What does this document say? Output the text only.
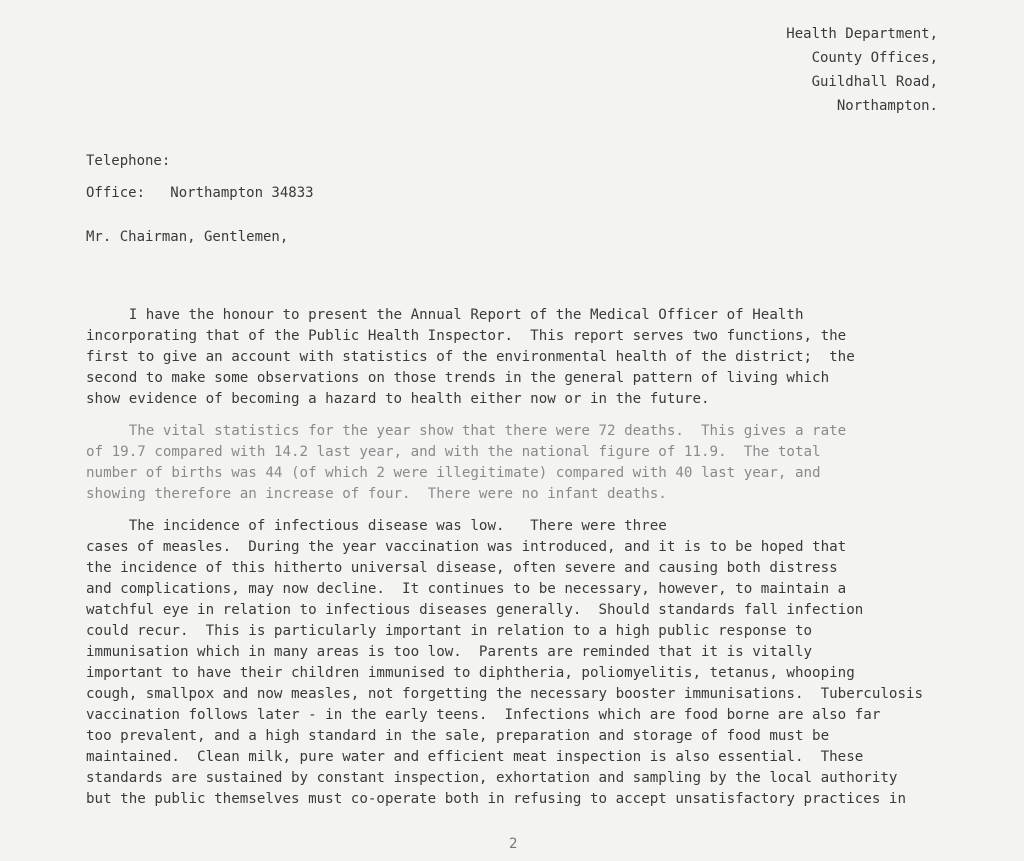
Health Department,
County Offices,
Guildhall Road,
Northampton.
Telephone:
Office:   Northampton 34833
Mr. Chairman, Gentlemen,
I have the honour to present the Annual Report of the Medical Officer of Health
incorporating that of the Public Health Inspector.  This report serves two functions, the
first to give an account with statistics of the environmental health of the district;  the
second to make some observations on those trends in the general pattern of living which
show evidence of becoming a hazard to health either now or in the future.
The vital statistics for the year show that there were 72 deaths.  This gives a rate
of 19.7 compared with 14.2 last year, and with the national figure of 11.9.  The total
number of births was 44 (of which 2 were illegitimate) compared with 40 last year, and
showing therefore an increase of four.  There were no infant deaths.
The incidence of infectious disease was low.   There were three
cases of measles.  During the year vaccination was introduced, and it is to be hoped that
the incidence of this hitherto universal disease, often severe and causing both distress
and complications, may now decline.  It continues to be necessary, however, to maintain a
watchful eye in relation to infectious diseases generally.  Should standards fall infection
could recur.  This is particularly important in relation to a high public response to
immunisation which in many areas is too low.  Parents are reminded that it is vitally
important to have their children immunised to diphtheria, poliomyelitis, tetanus, whooping
cough, smallpox and now measles, not forgetting the necessary booster immunisations.  Tuberculosis
vaccination follows later - in the early teens.  Infections which are food borne are also far
too prevalent, and a high standard in the sale, preparation and storage of food must be
maintained.  Clean milk, pure water and efficient meat inspection is also essential.  These
standards are sustained by constant inspection, exhortation and sampling by the local authority
but the public themselves must co-operate both in refusing to accept unsatisfactory practices in
2
